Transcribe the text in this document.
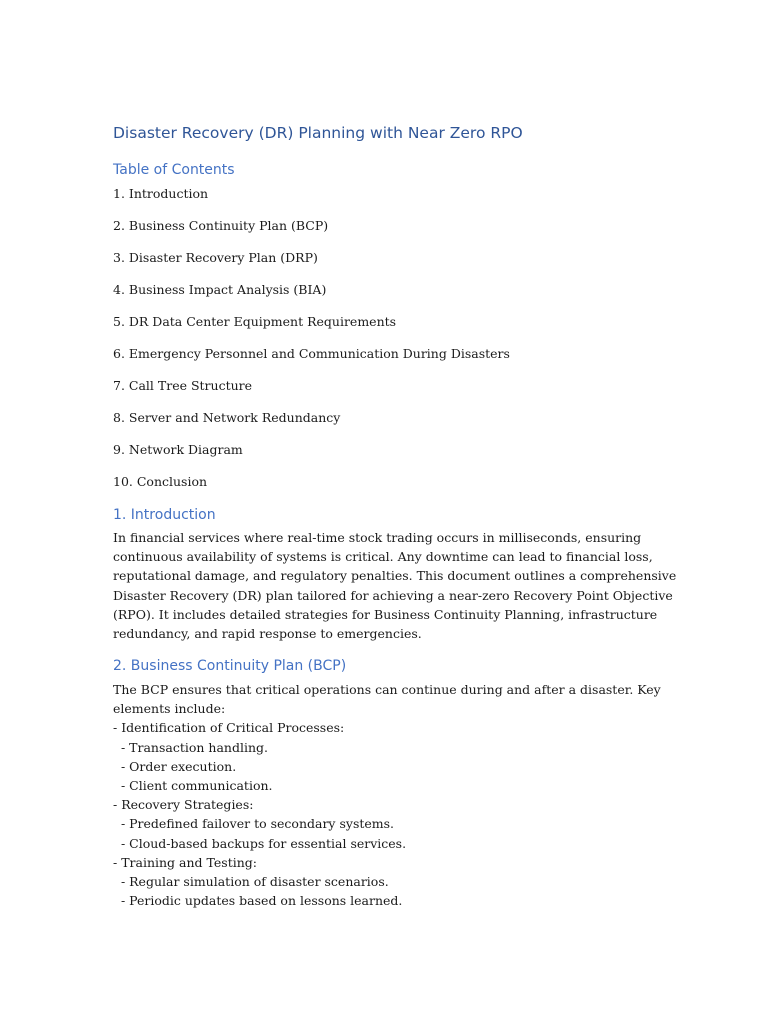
Disaster Recovery (DR) Planning with Near Zero RPO
Table of Contents
1. Introduction
2. Business Continuity Plan (BCP)
3. Disaster Recovery Plan (DRP)
4. Business Impact Analysis (BIA)
5. DR Data Center Equipment Requirements
6. Emergency Personnel and Communication During Disasters
7. Call Tree Structure
8. Server and Network Redundancy
9. Network Diagram
10. Conclusion
1. Introduction

In financial services where real-time stock trading occurs in milliseconds, ensuring
continuous availability of systems is critical. Any downtime can lead to financial loss,
reputational damage, and regulatory penalties. This document outlines a comprehensive
Disaster Recovery (DR) plan tailored for achieving a near-zero Recovery Point Objective
(RPO). It includes detailed strategies for Business Continuity Planning, infrastructure
redundancy, and rapid response to emergencies.

2. Business Continuity Plan (BCP)

The BCP ensures that critical operations can continue during and after a disaster. Key
elements include:
- Identification of Critical Processes:
- Transaction handling.
- Order execution.
- Client communication.
- Recovery Strategies:
- Predefined failover to secondary systems.
- Cloud-based backups for essential services.
- Training and Testing:
- Regular simulation of disaster scenarios.
- Periodic updates based on lessons learned.
